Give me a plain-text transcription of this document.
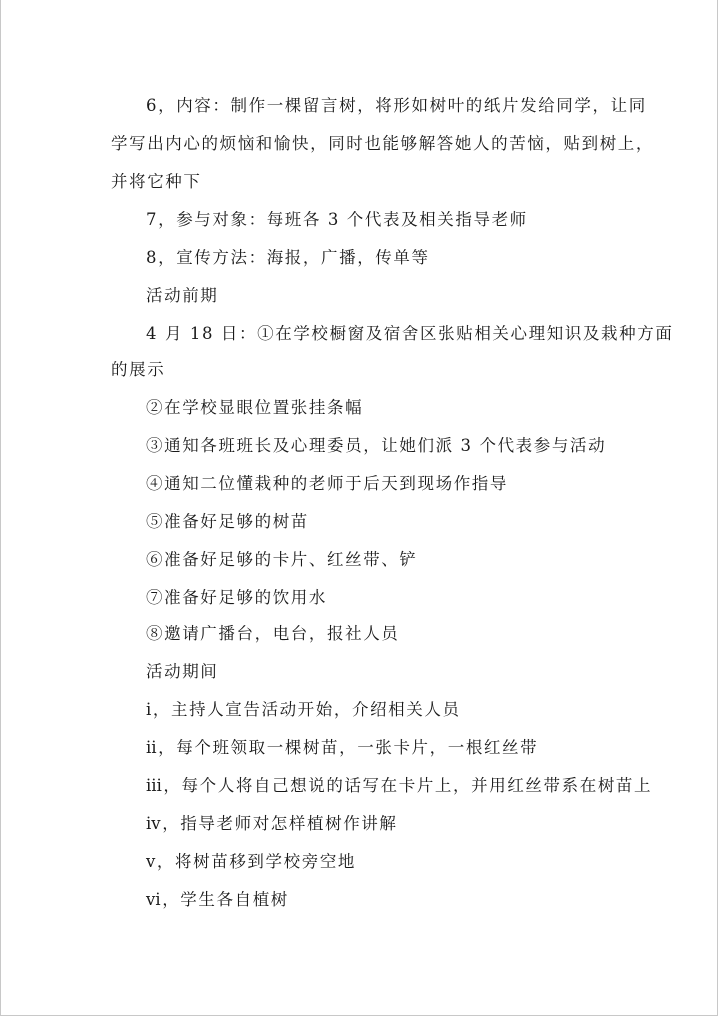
6，内容：制作一棵留言树，将形如树叶的纸片发给同学，让同
学写出内心的烦恼和愉快，同时也能够解答她人的苦恼，贴到树上，
并将它种下
7，参与对象：每班各 3 个代表及相关指导老师
8，宣传方法：海报，广播，传单等
活动前期
4 月 18 日：①在学校橱窗及宿舍区张贴相关心理知识及栽种方面
的展示
②在学校显眼位置张挂条幅
③通知各班班长及心理委员，让她们派 3 个代表参与活动
④通知二位懂栽种的老师于后天到现场作指导
⑤准备好足够的树苗
⑥准备好足够的卡片、红丝带、铲
⑦准备好足够的饮用水
⑧邀请广播台，电台，报社人员
活动期间
ⅰ，主持人宣告活动开始，介绍相关人员
ⅱ，每个班领取一棵树苗，一张卡片，一根红丝带
ⅲ，每个人将自己想说的话写在卡片上，并用红丝带系在树苗上
ⅳ，指导老师对怎样植树作讲解
ⅴ，将树苗移到学校旁空地
ⅵ，学生各自植树
